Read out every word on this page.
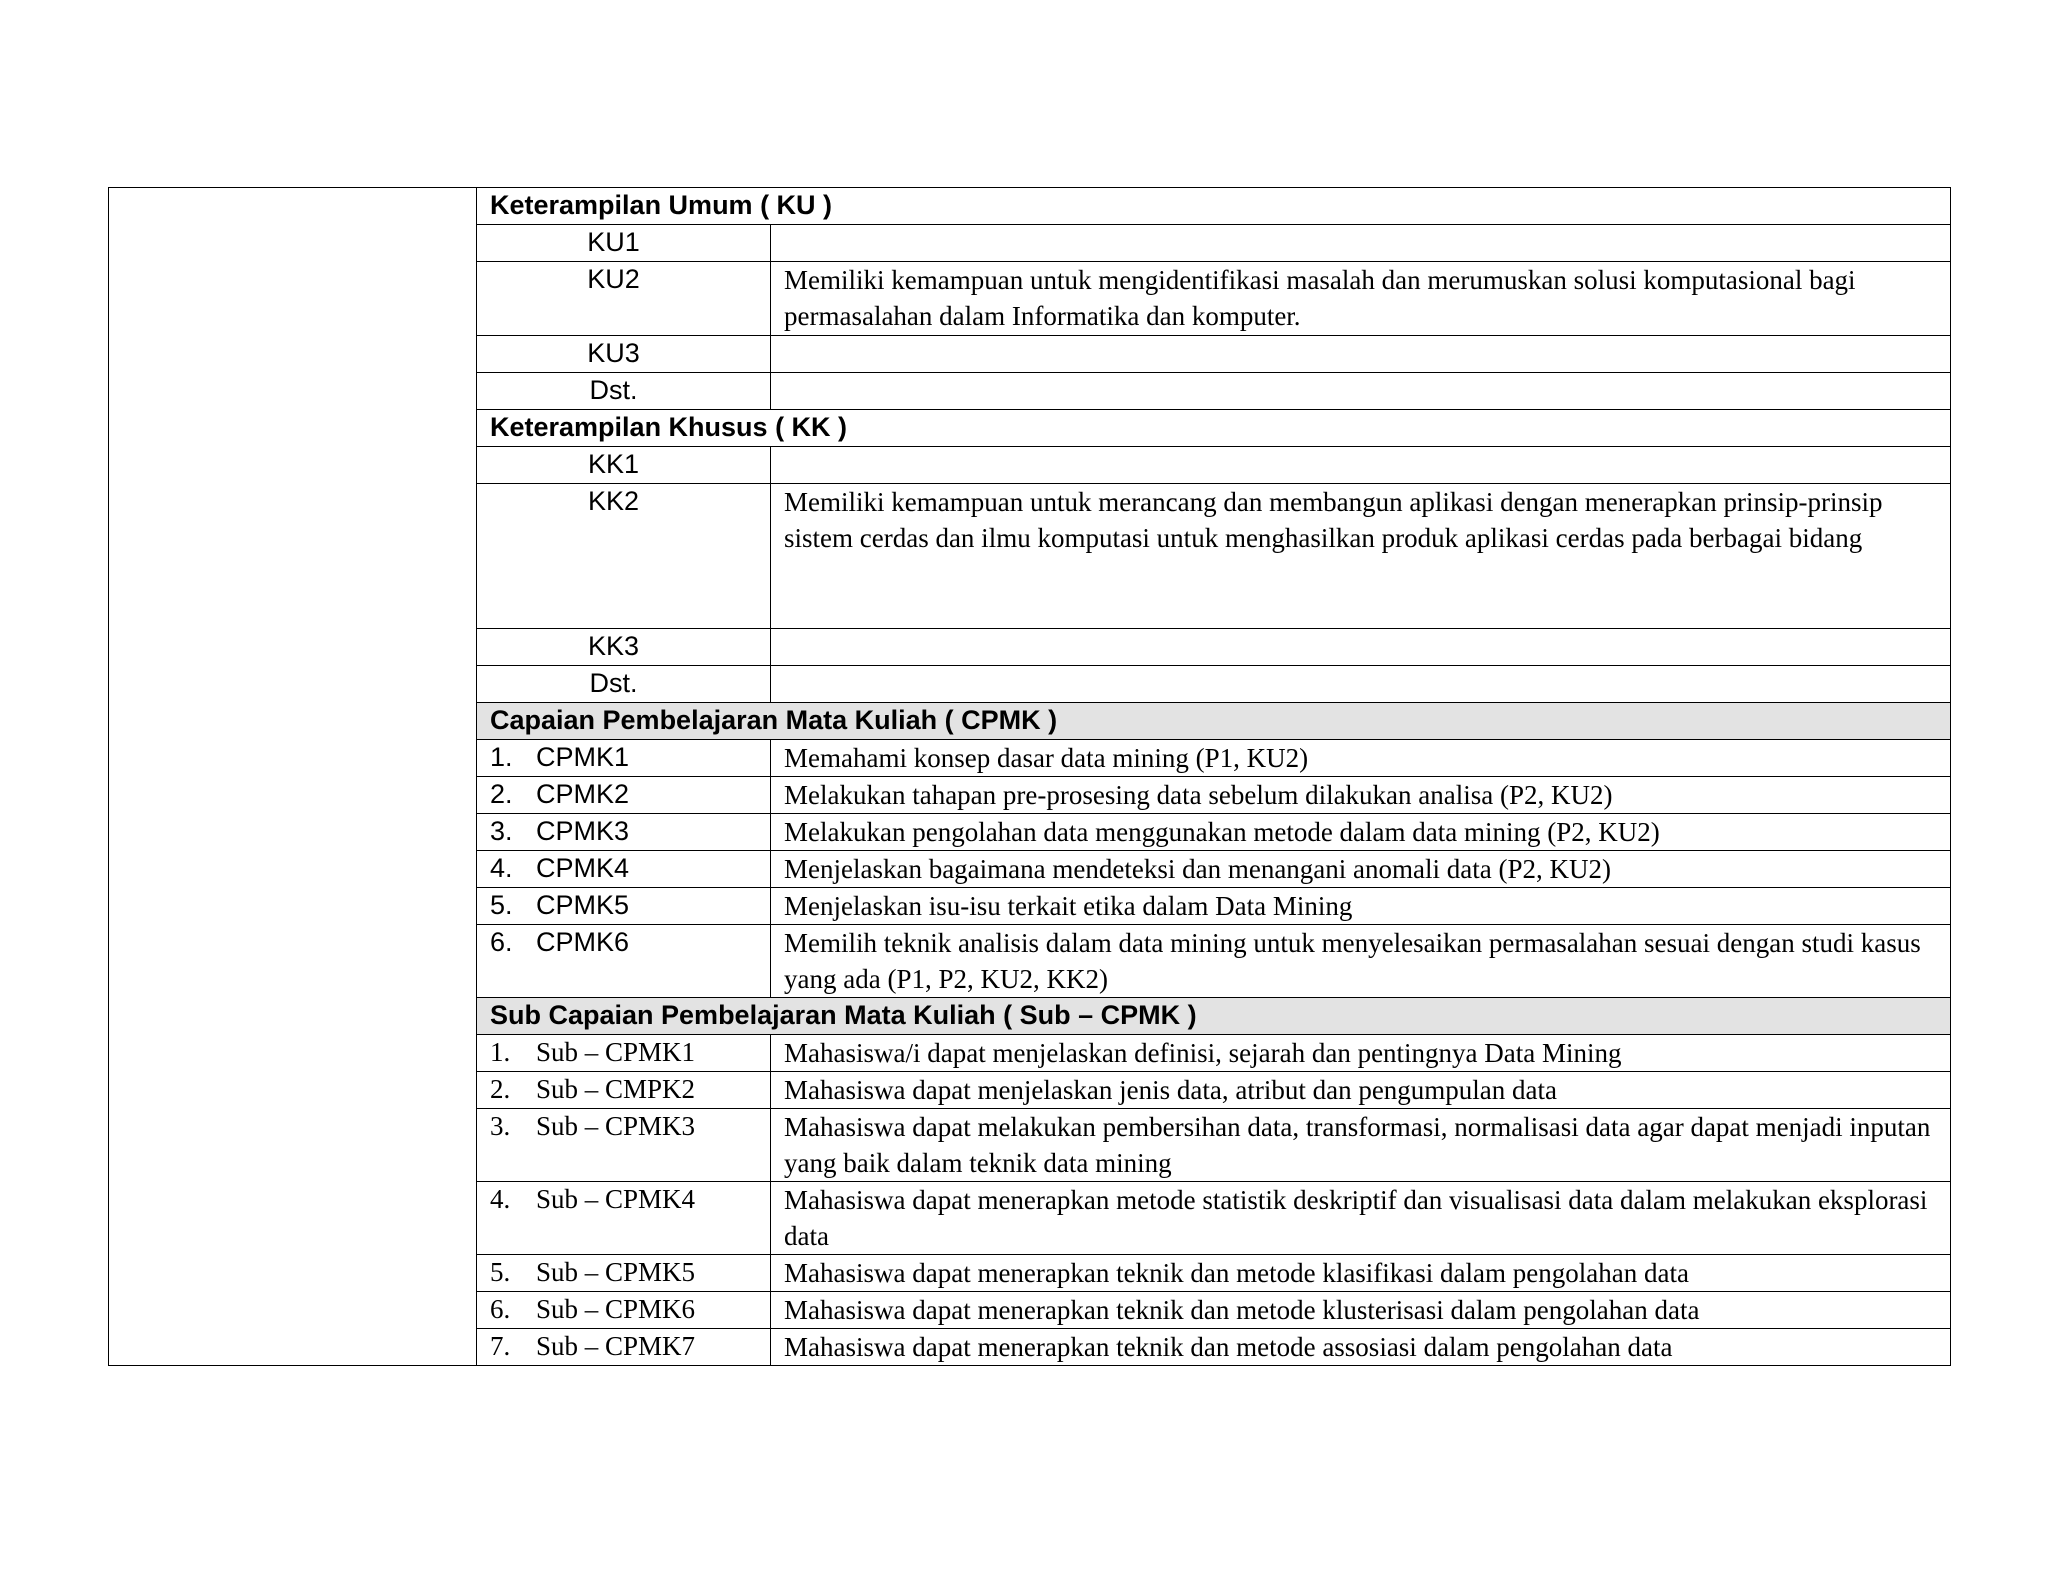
	Keterampilan Umum ( KU )	
	KU1	
	KU2	Memiliki kemampuan untuk mengidentifikasi masalah dan merumuskan solusi komputasional bagi permasalahan dalam Informatika dan komputer.
	KU3	
	Dst.	
	Keterampilan Khusus ( KK )	
	KK1	
	KK2	Memiliki kemampuan untuk merancang dan membangun aplikasi dengan menerapkan prinsip-prinsip sistem cerdas dan ilmu komputasi untuk menghasilkan produk aplikasi cerdas pada berbagai bidang
	KK3	
	Dst.	
	Capaian Pembelajaran Mata Kuliah ( CPMK )	
	1. CPMK1	Memahami konsep dasar data mining (P1, KU2)
	2. CPMK2	Melakukan tahapan pre-prosesing data sebelum dilakukan analisa (P2, KU2)
	3. CPMK3	Melakukan pengolahan data menggunakan metode dalam data mining (P2, KU2)
	4. CPMK4	Menjelaskan bagaimana mendeteksi dan menangani anomali data (P2, KU2)
	5. CPMK5	Menjelaskan isu-isu terkait etika dalam Data Mining
	6. CPMK6	Memilih teknik analisis dalam data mining untuk menyelesaikan permasalahan sesuai dengan studi kasus yang ada (P1, P2, KU2, KK2)
	Sub Capaian Pembelajaran Mata Kuliah ( Sub – CPMK )	
	1. Sub – CPMK1	Mahasiswa/i dapat menjelaskan definisi, sejarah dan pentingnya Data Mining
	2. Sub – CMPK2	Mahasiswa dapat menjelaskan jenis data, atribut dan pengumpulan data
	3. Sub – CPMK3	Mahasiswa dapat melakukan pembersihan data, transformasi, normalisasi data agar dapat menjadi inputan yang baik dalam teknik data mining
	4. Sub – CPMK4	Mahasiswa dapat menerapkan metode statistik deskriptif dan visualisasi data dalam melakukan eksplorasi data
	5. Sub – CPMK5	Mahasiswa dapat menerapkan teknik dan metode klasifikasi dalam pengolahan data
	6. Sub – CPMK6	Mahasiswa dapat menerapkan teknik dan metode klusterisasi dalam pengolahan data
	7. Sub – CPMK7	Mahasiswa dapat menerapkan teknik dan metode assosiasi dalam pengolahan data
